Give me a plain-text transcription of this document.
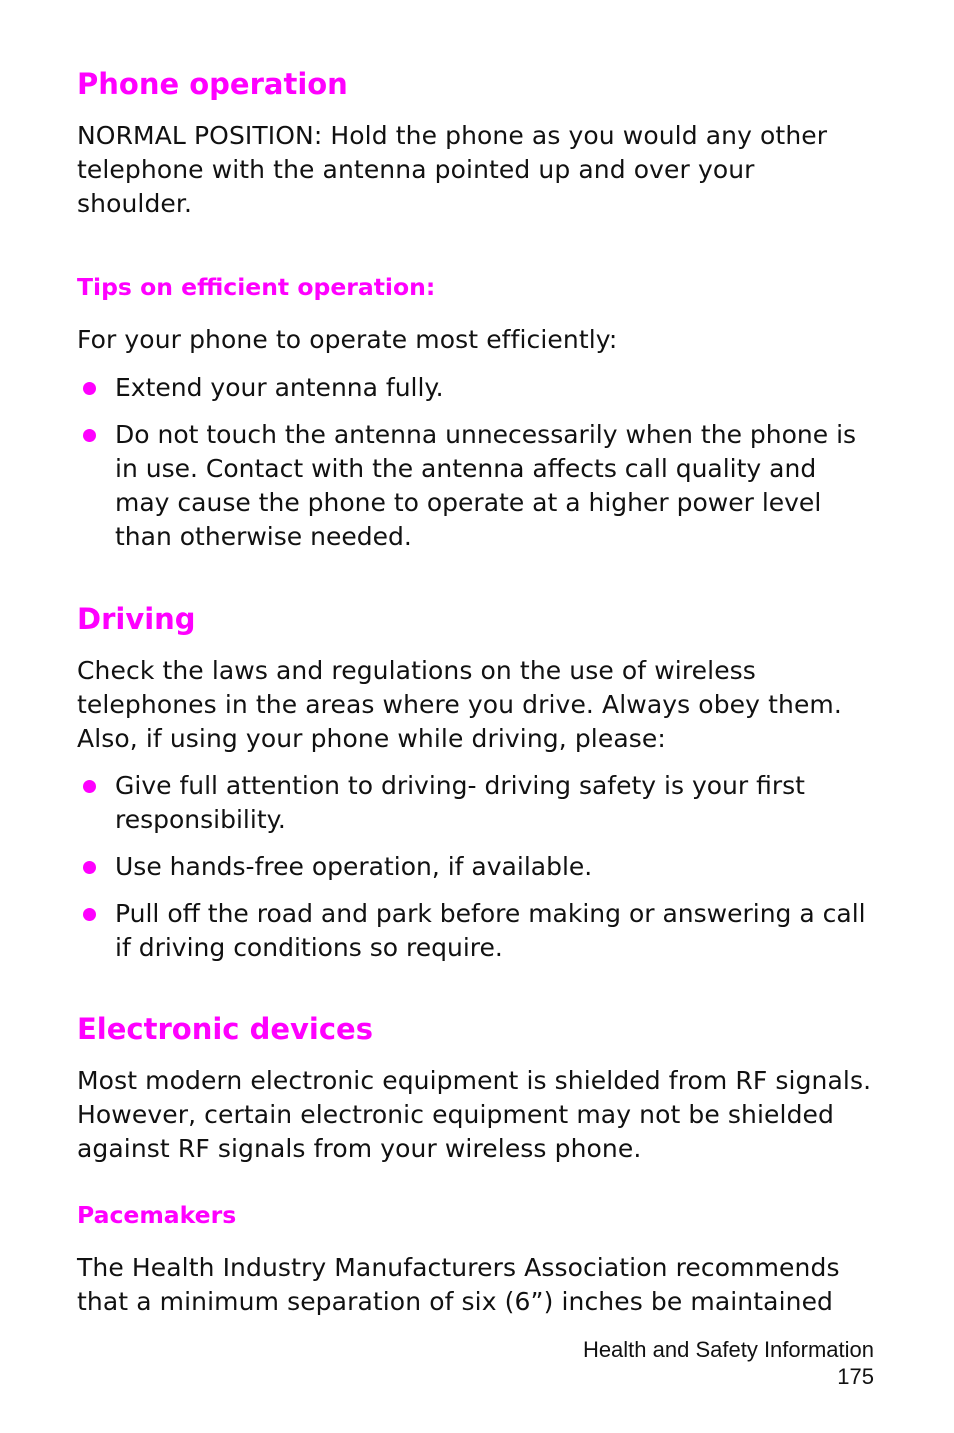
Phone operation

NORMAL POSITION: Hold the phone as you would any other telephone with the antenna pointed up and over your shoulder.

Tips on efficient operation:

For your phone to operate most efficiently:

Extend your antenna fully.
Do not touch the antenna unnecessarily when the phone is in use. Contact with the antenna affects call quality and may cause the phone to operate at a higher power level than otherwise needed.
Driving

Check the laws and regulations on the use of wireless telephones in the areas where you drive. Always obey them. Also, if using your phone while driving, please:

Give full attention to driving- driving safety is your first responsibility.
Use hands-free operation, if available.
Pull off the road and park before making or answering a call if driving conditions so require.
Electronic devices

Most modern electronic equipment is shielded from RF signals. However, certain electronic equipment may not be shielded against RF signals from your wireless phone.

Pacemakers

The Health Industry Manufacturers Association recommends that a minimum separation of six (6”) inches be maintained

Health and Safety Information
175
